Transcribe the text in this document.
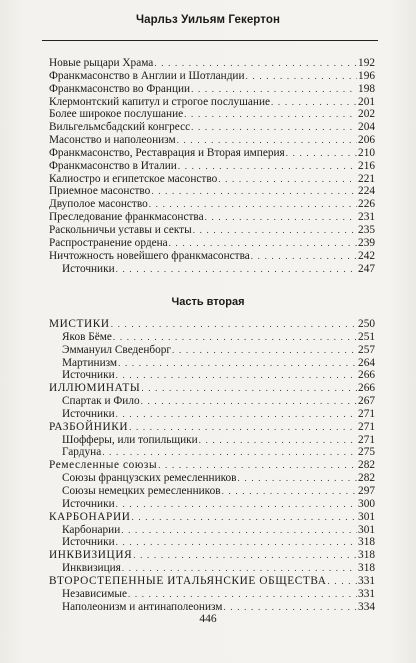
Чарльз Уильям Гекертон
Новые рыцари Храма . . .	192
Франкмасонство в Англии и Шотландии . . .	196
Франкмасонство во Франции . . .	198
Клермонтский капитул и строгое послушание . . .	201
Более широкое послушание . . .	202
Вильгельмсбадский конгресс . . .	204
Масонство и наполеонизм . . .	206
Франкмасонство, Реставрация и Вторая империя . . .	210
Франкмасонство в Италии . . .	216
Калиостро и египетское масонство . . .	221
Приемное масонство . . .	224
Двуполое масонство . . .	226
Преследование франкмасонства . . .	231
Раскольничьи уставы и секты . . .	235
Распространение ордена . . .	239
Ничтожность новейшего франкмасонства . . .	242
Источники . . .	247
Часть вторая
МИСТИКИ . . .	250
Яков Бёме . . .	251
Эммануил Сведенборг . . .	257
Мартинизм . . .	264
Источники . . .	266
ИЛЛЮМИНАТЫ . . .	266
Спартак и Фило . . .	267
Источники . . .	271
РАЗБОЙНИКИ . . .	271
Шофферы, или топильщики . . .	271
Гардуна . . .	275
Ремесленные союзы . . .	282
Союзы французских ремесленников . . .	282
Союзы немецких ремесленников . . .	297
Источники . . .	300
КАРБОНАРИИ . . .	301
Карбонарии . . .	301
Источники . . .	318
ИНКВИЗИЦИЯ . . .	318
Инквизиция . . .	318
ВТОРОСТЕПЕННЫЕ ИТАЛЬЯНСКИЕ ОБЩЕСТВА . . .	331
Независимые . . .	331
Наполеонизм и антинаполеонизм . . .	334
446
